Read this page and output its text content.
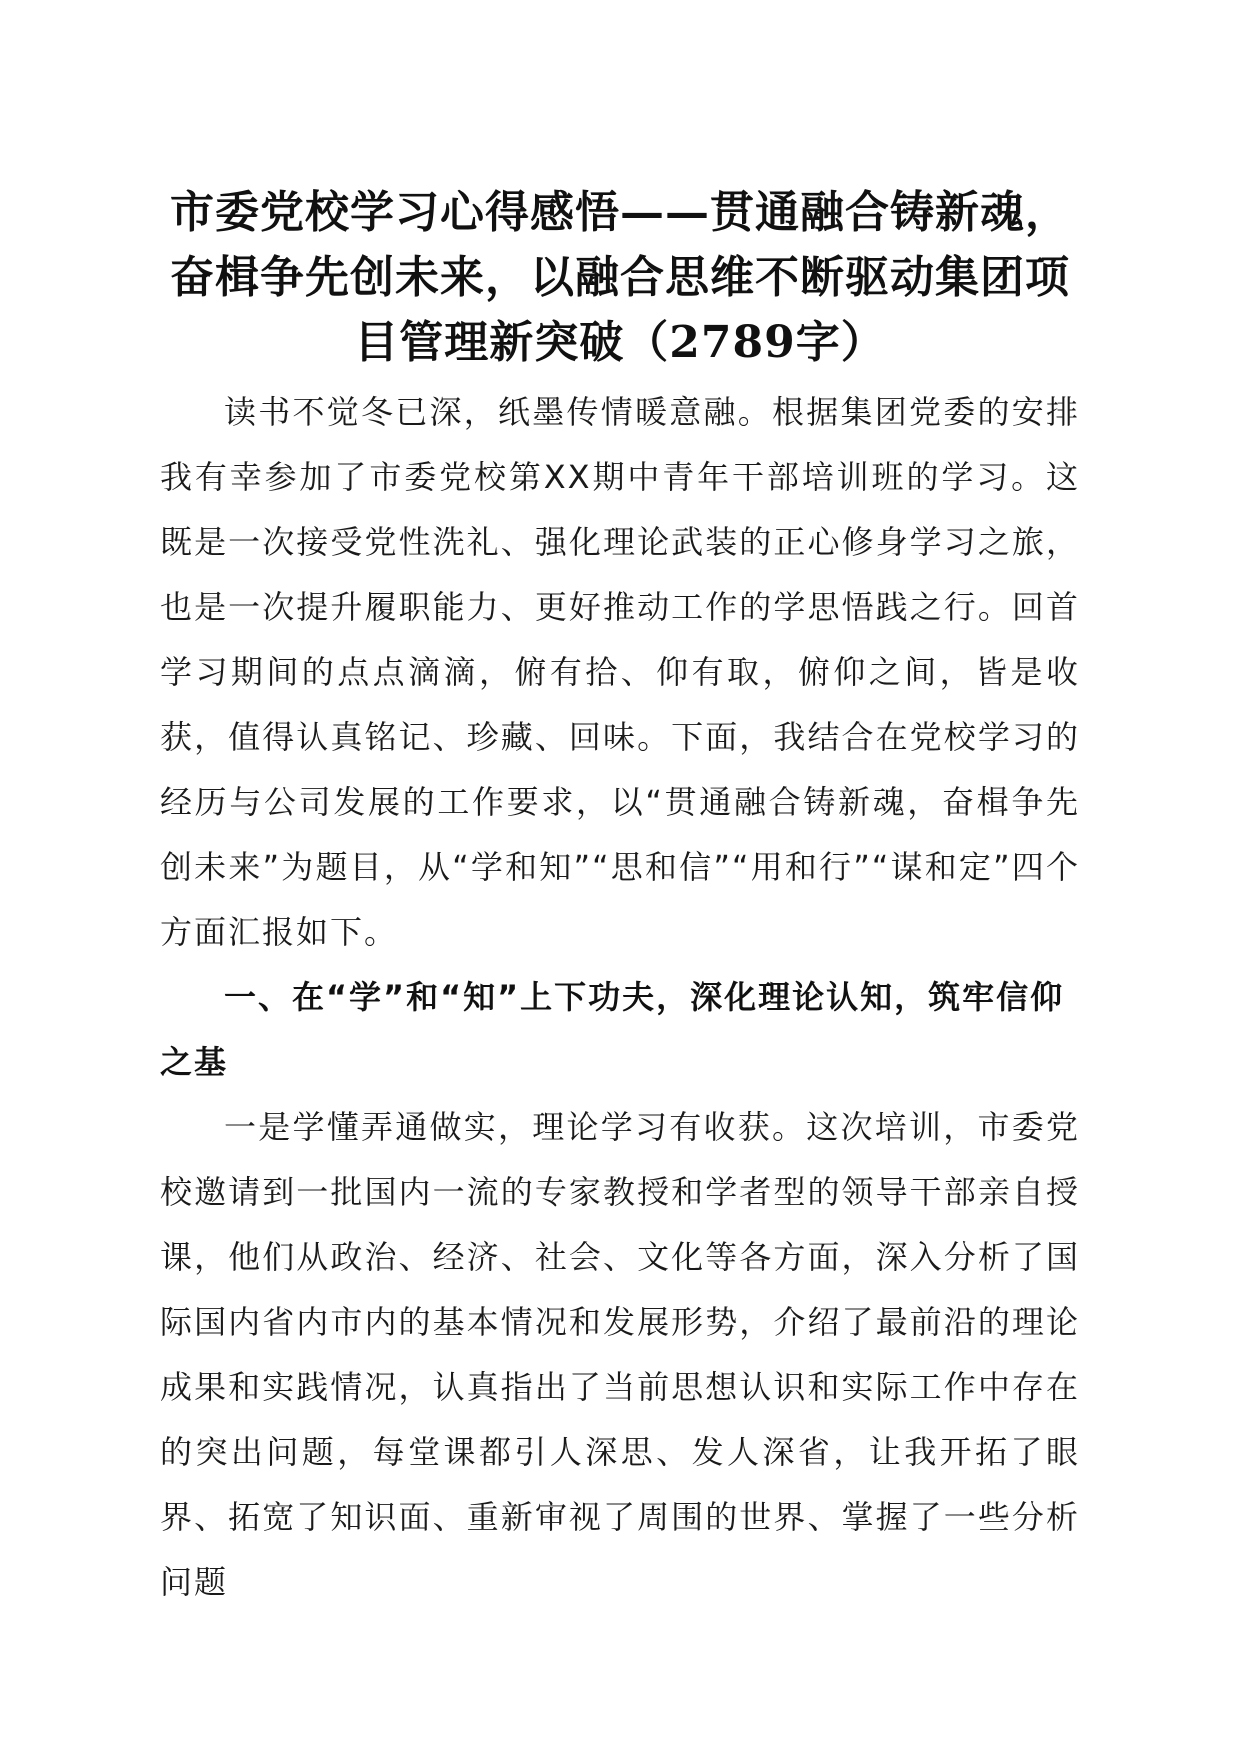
市委党校学习心得感悟——贯通融合铸新魂，
奋楫争先创未来，以融合思维不断驱动集团项
目管理新突破（2789字）

读书不觉冬已深，纸墨传情暖意融。根据集团党委的安排我有幸参加了市委党校第XX期中青年干部培训班的学习。这既是一次接受党性洗礼、强化理论武装的正心修身学习之旅，也是一次提升履职能力、更好推动工作的学思悟践之行。回首学习期间的点点滴滴，俯有拾、仰有取，俯仰之间，皆是收获，值得认真铭记、珍藏、回味。下面，我结合在党校学习的经历与公司发展的工作要求，以“贯通融合铸新魂，奋楫争先创未来”为题目，从“学和知”“思和信”“用和行”“谋和定”四个方面汇报如下。

一、在“学”和“知”上下功夫，深化理论认知，筑牢信仰之基

一是学懂弄通做实，理论学习有收获。这次培训，市委党校邀请到一批国内一流的专家教授和学者型的领导干部亲自授课，他们从政治、经济、社会、文化等各方面，深入分析了国际国内省内市内的基本情况和发展形势，介绍了最前沿的理论成果和实践情况，认真指出了当前思想认识和实际工作中存在的突出问题，每堂课都引人深思、发人深省，让我开拓了眼界、拓宽了知识面、重新审视了周围的世界、掌握了一些分析问题
